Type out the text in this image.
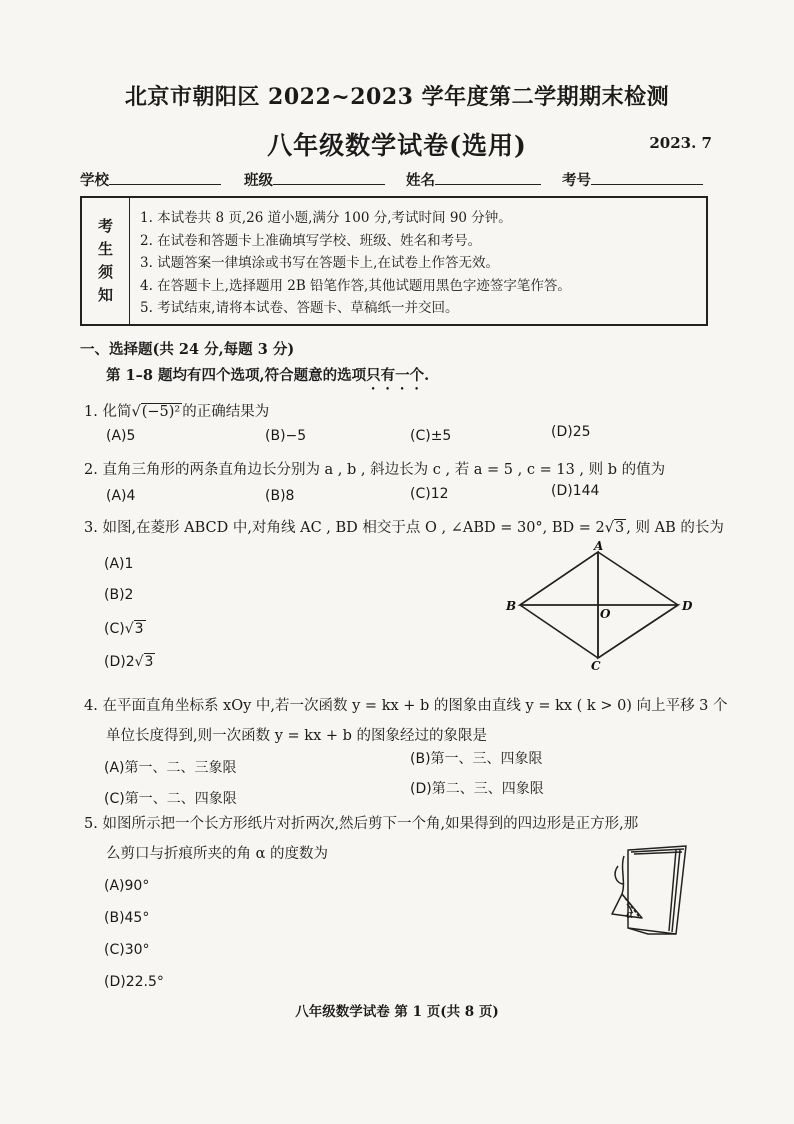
北京市朝阳区 2022~2023 学年度第二学期期末检测
八年级数学试卷(选用)	2023. 7
学校	班级	姓名	考号
考
生
须
知
1. 本试卷共 8 页,26 道小题,满分 100 分,考试时间 90 分钟。
2. 在试卷和答题卡上准确填写学校、班级、姓名和考号。
3. 试题答案一律填涂或书写在答题卡上,在试卷上作答无效。
4. 在答题卡上,选择题用 2B 铅笔作答,其他试题用黑色字迹签字笔作答。
5. 考试结束,请将本试卷、答题卡、草稿纸一并交回。
一、选择题(共 24 分,每题 3 分)
第 1–8 题均有四个选项,符合题意的选项只有一个.
1. 化简√(−5)² 的正确结果为
(A)5	(B)−5	(C)±5	(D)25
2. 直角三角形的两条直角边长分别为 a , b , 斜边长为 c , 若 a = 5 , c = 13 , 则 b 的值为
(A)4	(B)8	(C)12	(D)144
3. 如图,在菱形 ABCD 中,对角线 AC , BD 相交于点 O , ∠ABD = 30°, BD = 2√3 , 则 AB 的长为
(A)1
(B)2
(C)√3
(D)2√3
A
B
C
D
O
4. 在平面直角坐标系 xOy 中,若一次函数 y = kx + b 的图象由直线 y = kx ( k > 0) 向上平移 3 个
单位长度得到,则一次函数 y = kx + b 的图象经过的象限是
(A)第一、二、三象限
(B)第一、三、四象限
(C)第一、二、四象限
(D)第二、三、四象限
5. 如图所示把一个长方形纸片对折两次,然后剪下一个角,如果得到的四边形是正方形,那
么剪口与折痕所夹的角 α 的度数为
(A)90°
(B)45°
(C)30°
(D)22.5°
α
八年级数学试卷 第 1 页(共 8 页)
